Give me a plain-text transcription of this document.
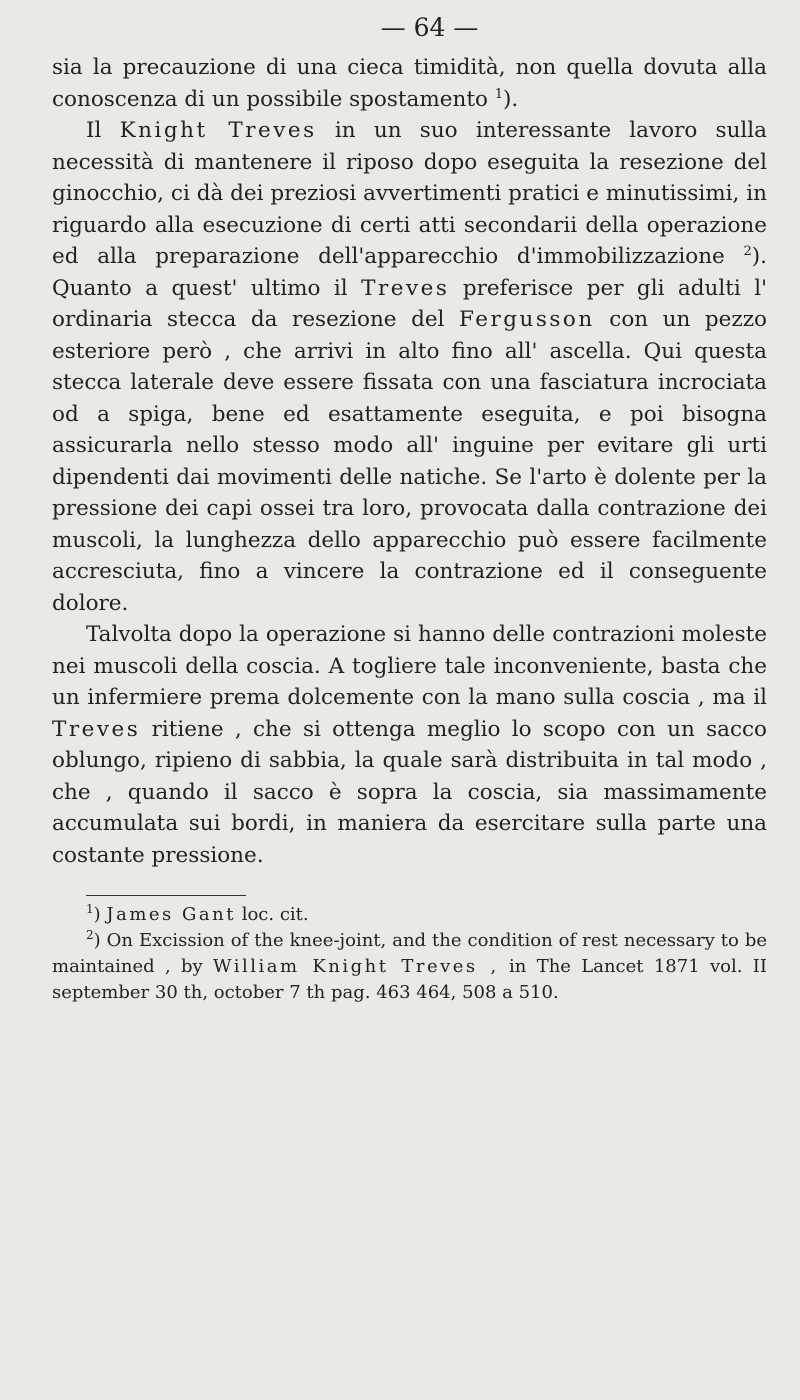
— 64 —

sia la precauzione di una cieca timidità, non quella dovuta alla conoscenza di un possibile spostamento $^1$).

Il Knight Treves in un suo interessante lavoro sulla necessità di mantenere il riposo dopo eseguita la resezione del ginocchio, ci dà dei preziosi avvertimenti pratici e minutissimi, in riguardo alla esecuzione di certi atti secondarii della operazione ed alla preparazione dell'apparecchio d'immobilizzazione $^2$). Quanto a quest' ultimo il Treves preferisce per gli adulti l' ordinaria stecca da resezione del Fergusson con un pezzo esteriore però , che arrivi in alto fino all' ascella. Qui questa stecca laterale deve essere fissata con una fasciatura incrociata od a spiga, bene ed esattamente eseguita, e poi bisogna assicurarla nello stesso modo all' inguine per evitare gli urti dipendenti dai movimenti delle natiche. Se l'arto è dolente per la pressione dei capi ossei tra loro, provocata dalla contrazione dei muscoli, la lunghezza dello apparecchio può essere facilmente accresciuta, fino a vincere la contrazione ed il conseguente dolore.

Talvolta dopo la operazione si hanno delle contrazioni moleste nei muscoli della coscia. A togliere tale inconveniente, basta che un infermiere prema dolcemente con la mano sulla coscia , ma il Treves ritiene , che si ottenga meglio lo scopo con un sacco oblungo, ripieno di sabbia, la quale sarà distribuita in tal modo , che , quando il sacco è sopra la coscia, sia massimamente accumulata sui bordi, in maniera da esercitare sulla parte una costante pressione.

$^1$) James Gant loc. cit.

$^2$) On Excission of the knee-joint, and the condition of rest necessary to be maintained , by William Knight Treves , in The Lancet 1871 vol. II september 30 th, october 7 th pag. 463 464, 508 a 510.
